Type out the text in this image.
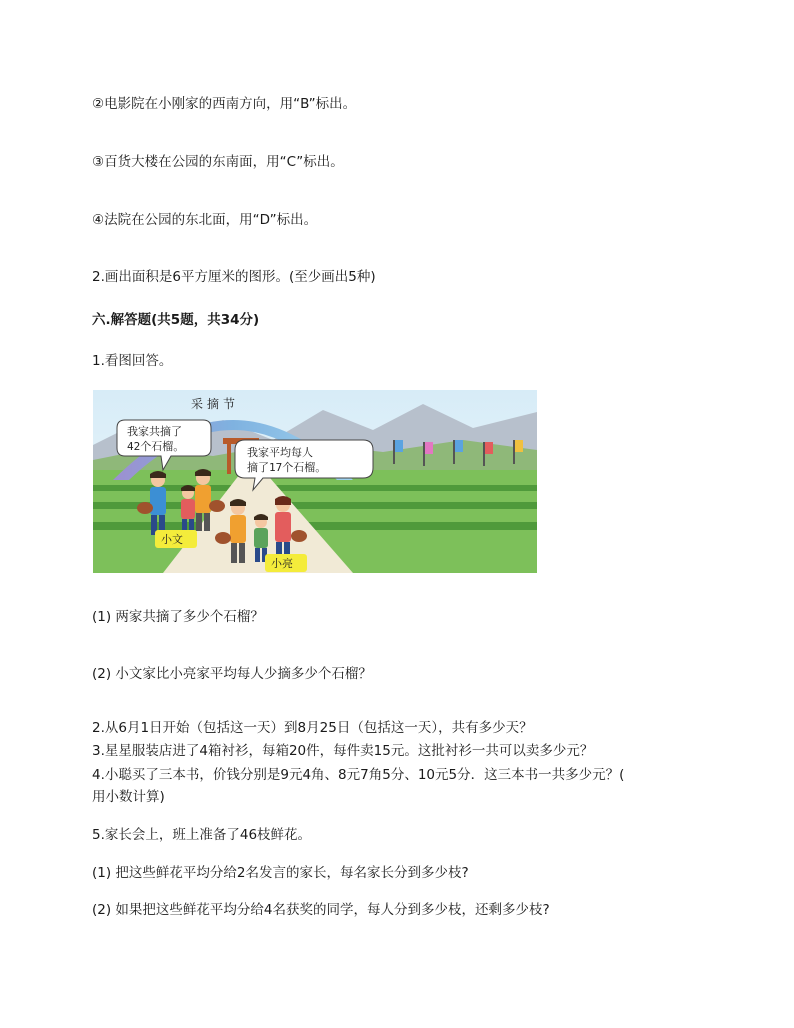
②电影院在小刚家的西南方向，用“B”标出。
③百货大楼在公园的东南面，用“C”标出。
④法院在公园的东北面，用“D”标出。
2.画出面积是6平方厘米的图形。(至少画出5种)
六.解答题(共5题，共34分)
1.看图回答。
采摘节
我家共摘了
42个石榴。	我家平均每人
摘了17个石榴。
小文
小亮
(1) 两家共摘了多少个石榴？
(2) 小文家比小亮家平均每人少摘多少个石榴？
2.从6月1日开始（包括这一天）到8月25日（包括这一天），共有多少天？
3.星星服装店进了4箱衬衫，每箱20件，每件卖15元。这批衬衫一共可以卖多少元？
4.小聪买了三本书，价钱分别是9元4角、8元7角5分、10元5分．这三本书一共多少元？(
用小数计算)
5.家长会上，班上准备了46枝鲜花。
(1) 把这些鲜花平均分给2名发言的家长，每名家长分到多少枝?
(2) 如果把这些鲜花平均分给4名获奖的同学，每人分到多少枝，还剩多少枝?
